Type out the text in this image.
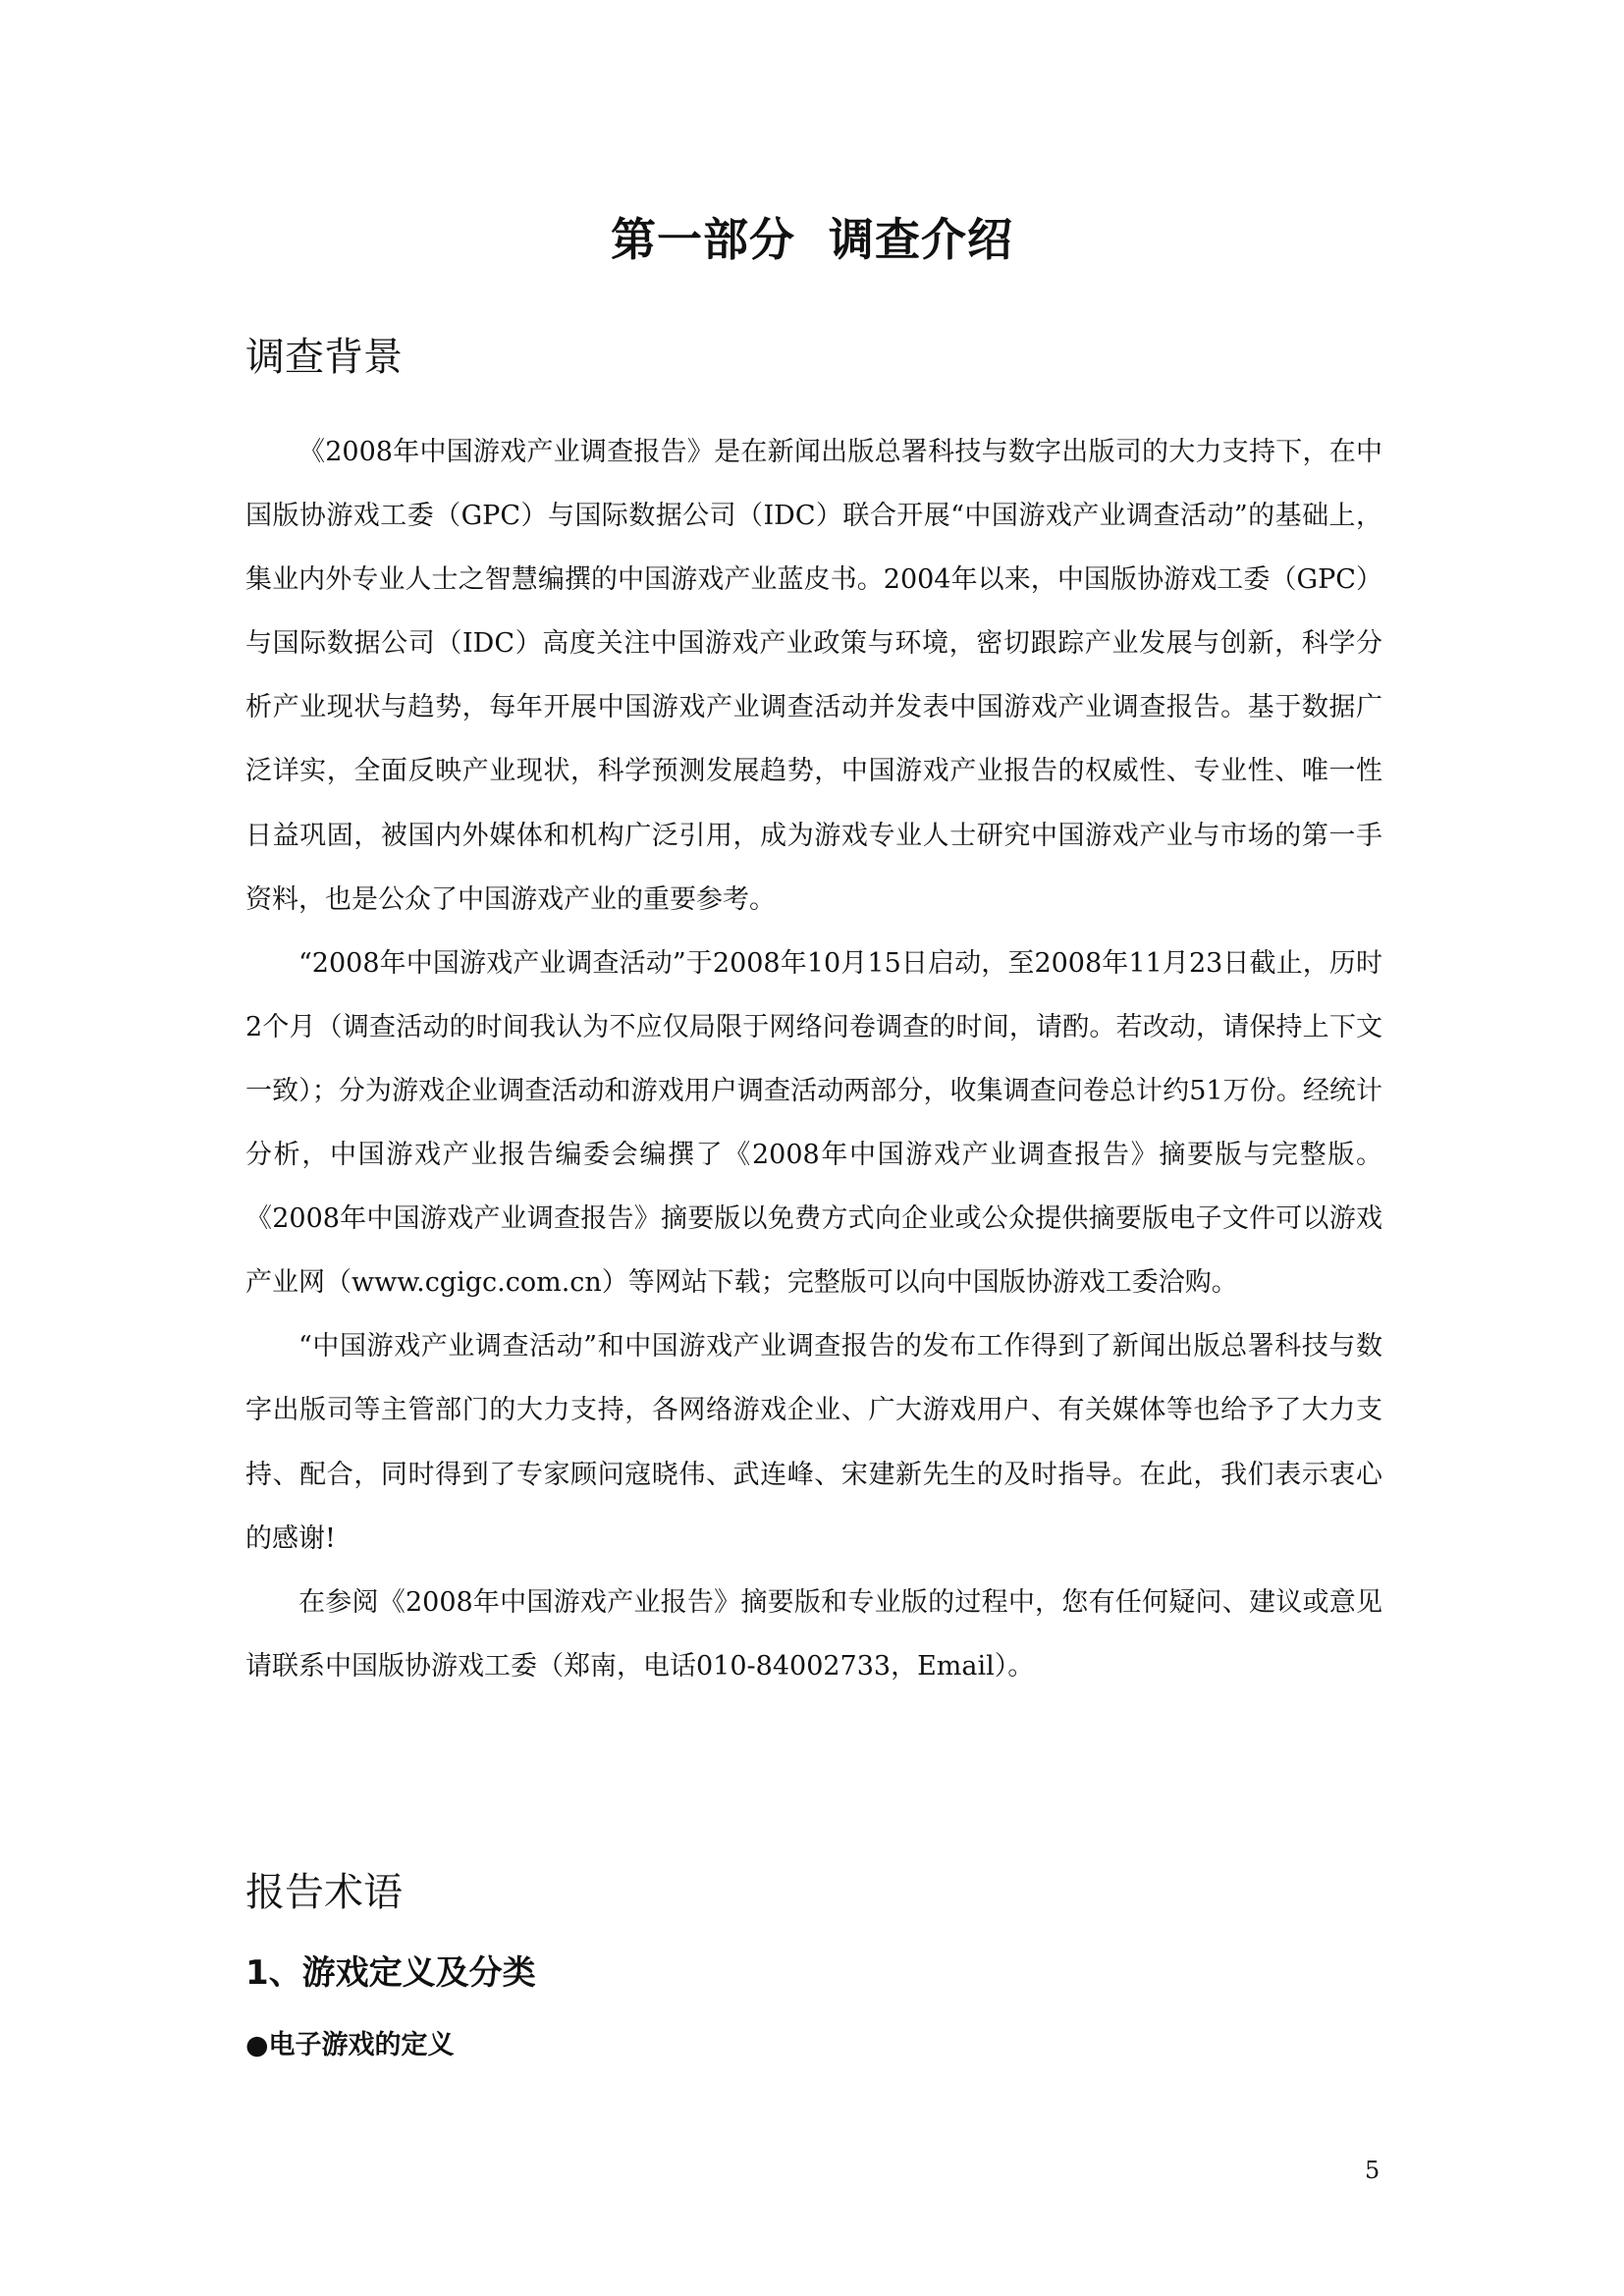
第一部分  调查介绍
调查背景

《2008年中国游戏产业调查报告》是在新闻出版总署科技与数字出版司的大力支持下，在中国版协游戏工委（GPC）与国际数据公司（IDC）联合开展“中国游戏产业调查活动”的基础上，集业内外专业人士之智慧编撰的中国游戏产业蓝皮书。2004年以来，中国版协游戏工委（GPC）与国际数据公司（IDC）高度关注中国游戏产业政策与环境，密切跟踪产业发展与创新，科学分析产业现状与趋势，每年开展中国游戏产业调查活动并发表中国游戏产业调查报告。基于数据广泛详实，全面反映产业现状，科学预测发展趋势，中国游戏产业报告的权威性、专业性、唯一性日益巩固，被国内外媒体和机构广泛引用，成为游戏专业人士研究中国游戏产业与市场的第一手资料，也是公众了中国游戏产业的重要参考。

“2008年中国游戏产业调查活动”于2008年10月15日启动，至2008年11月23日截止，历时2个月（调查活动的时间我认为不应仅局限于网络问卷调查的时间，请酌。若改动，请保持上下文一致）；分为游戏企业调查活动和游戏用户调查活动两部分，收集调查问卷总计约51万份。经统计分析，中国游戏产业报告编委会编撰了《2008年中国游戏产业调查报告》摘要版与完整版。《2008年中国游戏产业调查报告》摘要版以免费方式向企业或公众提供摘要版电子文件可以游戏产业网（www.cgigc.com.cn）等网站下载；完整版可以向中国版协游戏工委洽购。

“中国游戏产业调查活动”和中国游戏产业调查报告的发布工作得到了新闻出版总署科技与数字出版司等主管部门的大力支持，各网络游戏企业、广大游戏用户、有关媒体等也给予了大力支持、配合，同时得到了专家顾问寇晓伟、武连峰、宋建新先生的及时指导。在此，我们表示衷心的感谢!

在参阅《2008年中国游戏产业报告》摘要版和专业版的过程中，您有任何疑问、建议或意见请联系中国版协游戏工委（郑南，电话010-84002733，Email）。

报告术语
1、游戏定义及分类
●电子游戏的定义
5
